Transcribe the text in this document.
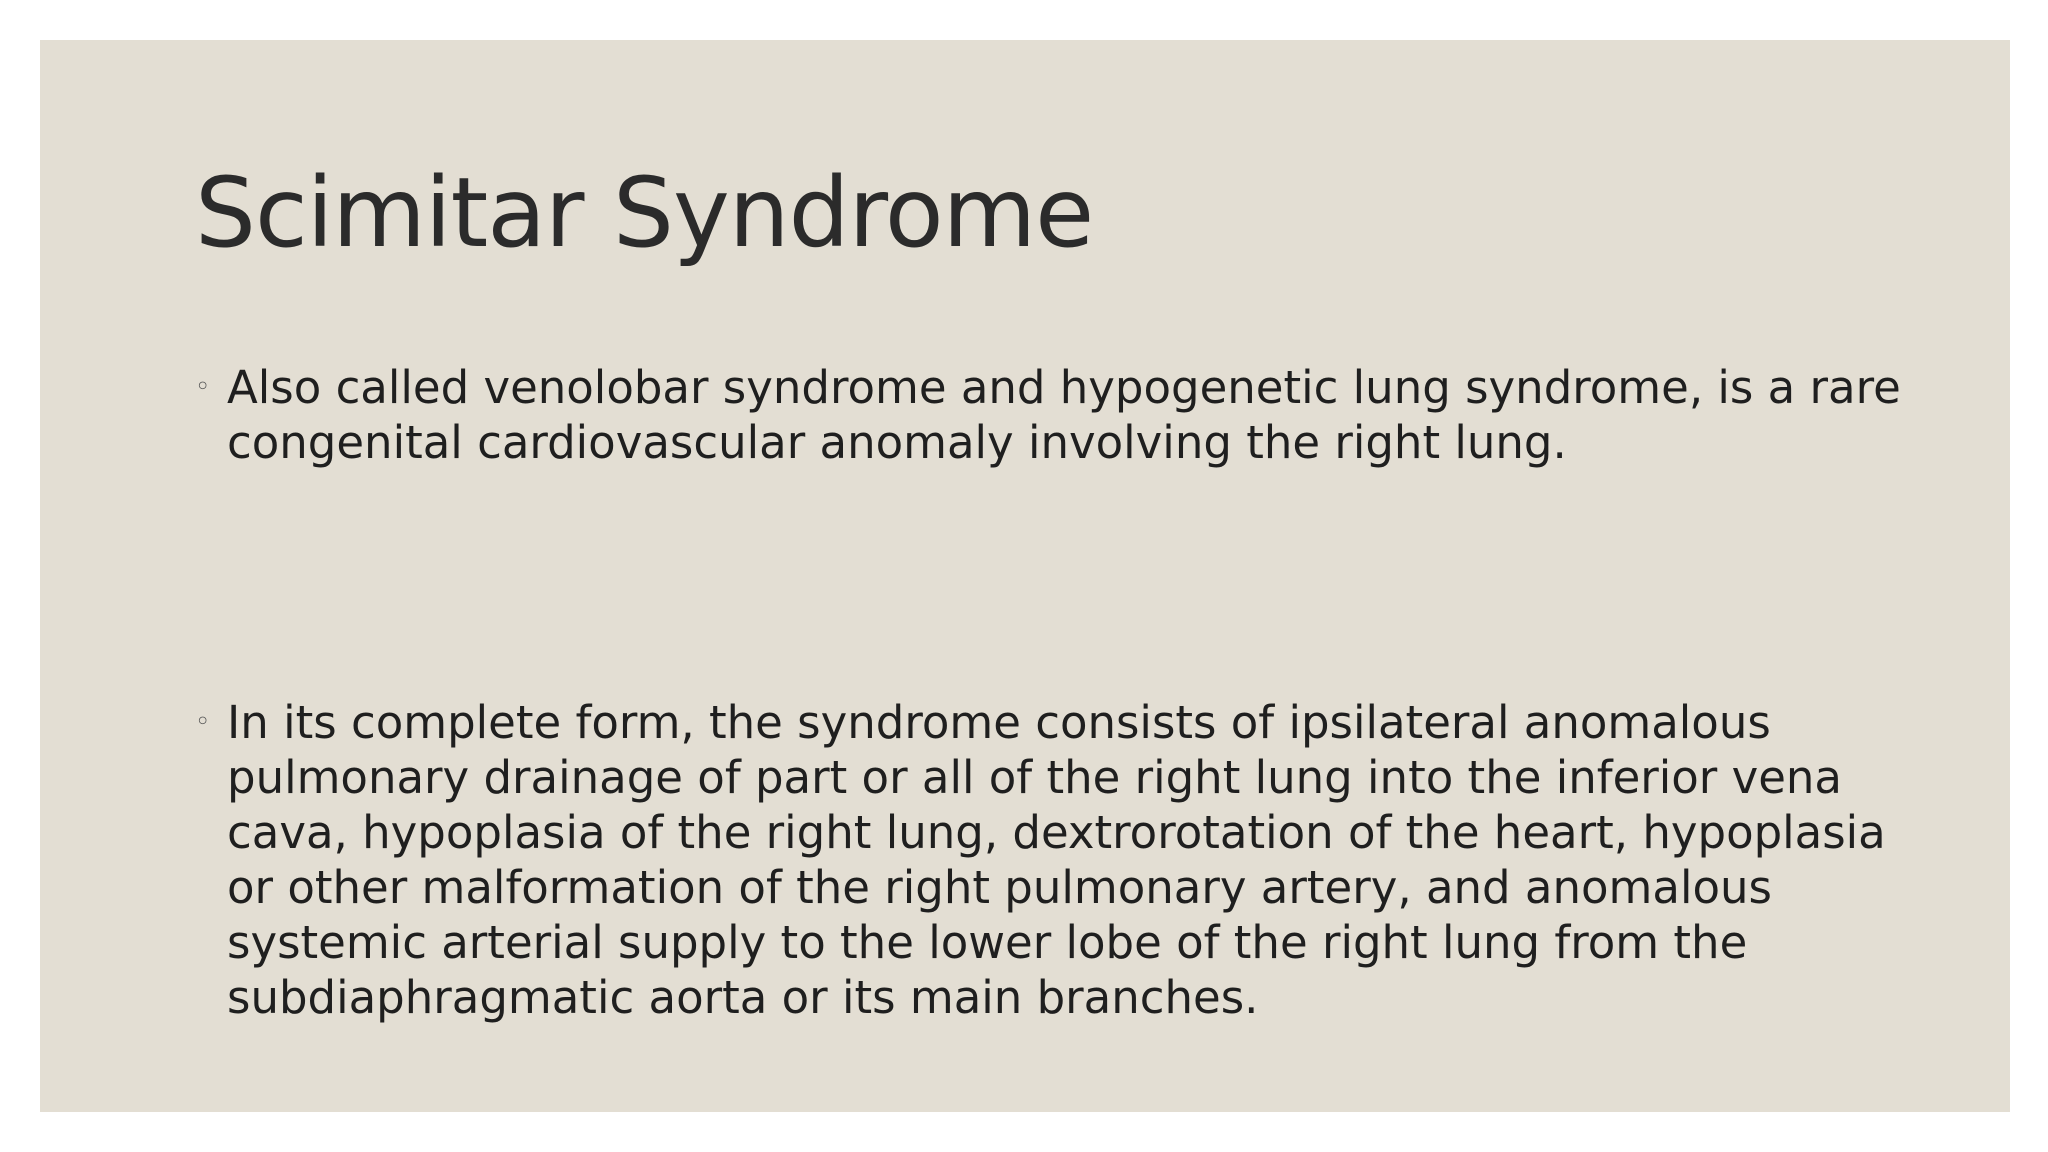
Scimitar Syndrome
◦ Also called venolobar syndrome and hypogenetic lung syndrome, is a rare congenital cardiovascular anomaly involving the right lung.
◦ In its complete form, the syndrome consists of ipsilateral anomalous pulmonary drainage of part or all of the right lung into the inferior vena cava, hypoplasia of the right lung, dextrorotation of the heart, hypoplasia or other malformation of the right pulmonary artery, and anomalous systemic arterial supply to the lower lobe of the right lung from the subdiaphragmatic aorta or its main branches.
